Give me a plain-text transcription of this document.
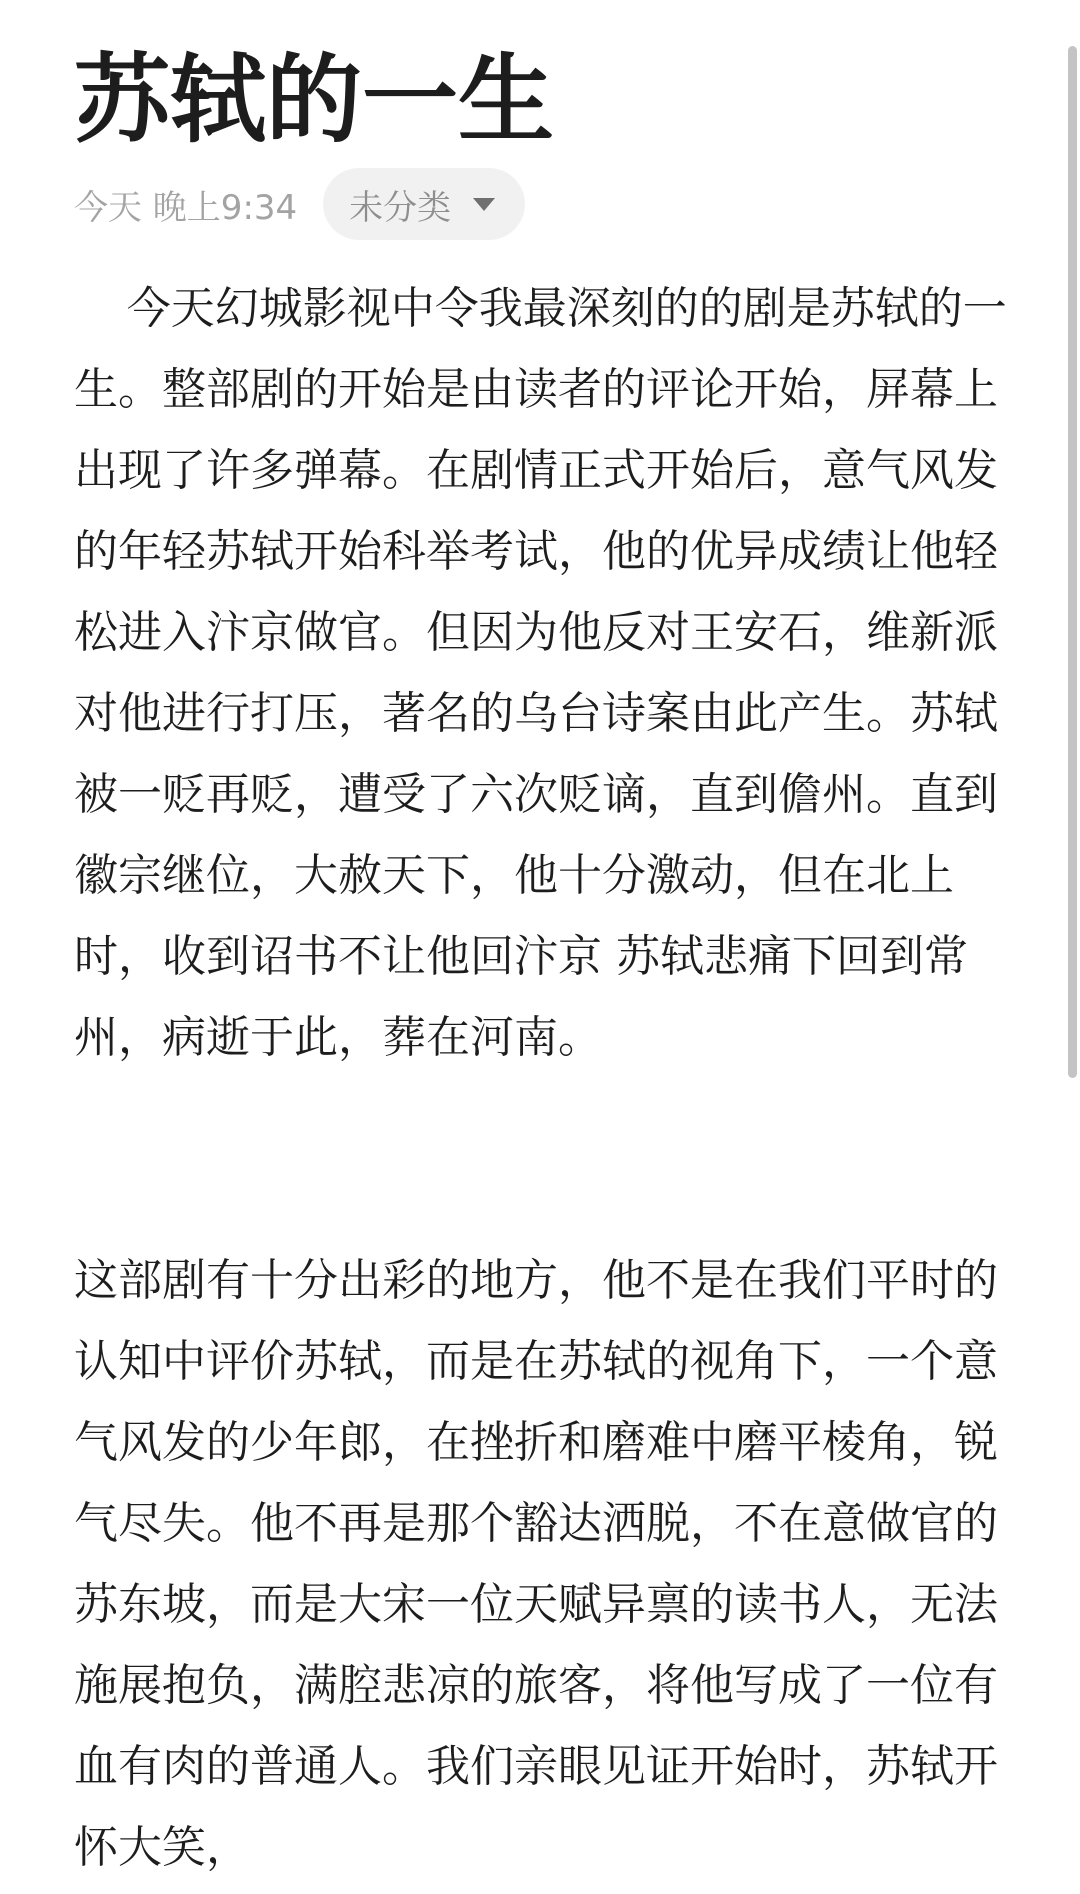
苏轼的一生
今天 晚上9:34 未分类

今天幻城影视中令我最深刻的的剧是苏轼的一生。整部剧的开始是由读者的评论开始，屏幕上出现了许多弹幕。在剧情正式开始后，意气风发的年轻苏轼开始科举考试，他的优异成绩让他轻松进入汴京做官。但因为他反对王安石，维新派对他进行打压，著名的乌台诗案由此产生。苏轼被一贬再贬，遭受了六次贬谪，直到儋州。直到徽宗继位，大赦天下，他十分激动，但在北上时，收到诏书不让他回汴京 苏轼悲痛下回到常州，病逝于此，葬在河南。

这部剧有十分出彩的地方，他不是在我们平时的认知中评价苏轼，而是在苏轼的视角下，一个意气风发的少年郎，在挫折和磨难中磨平棱角，锐气尽失。他不再是那个豁达洒脱，不在意做官的苏东坡，而是大宋一位天赋异禀的读书人，无法施展抱负，满腔悲凉的旅客，将他写成了一位有血有肉的普通人。我们亲眼见证开始时，苏轼开怀大笑，
